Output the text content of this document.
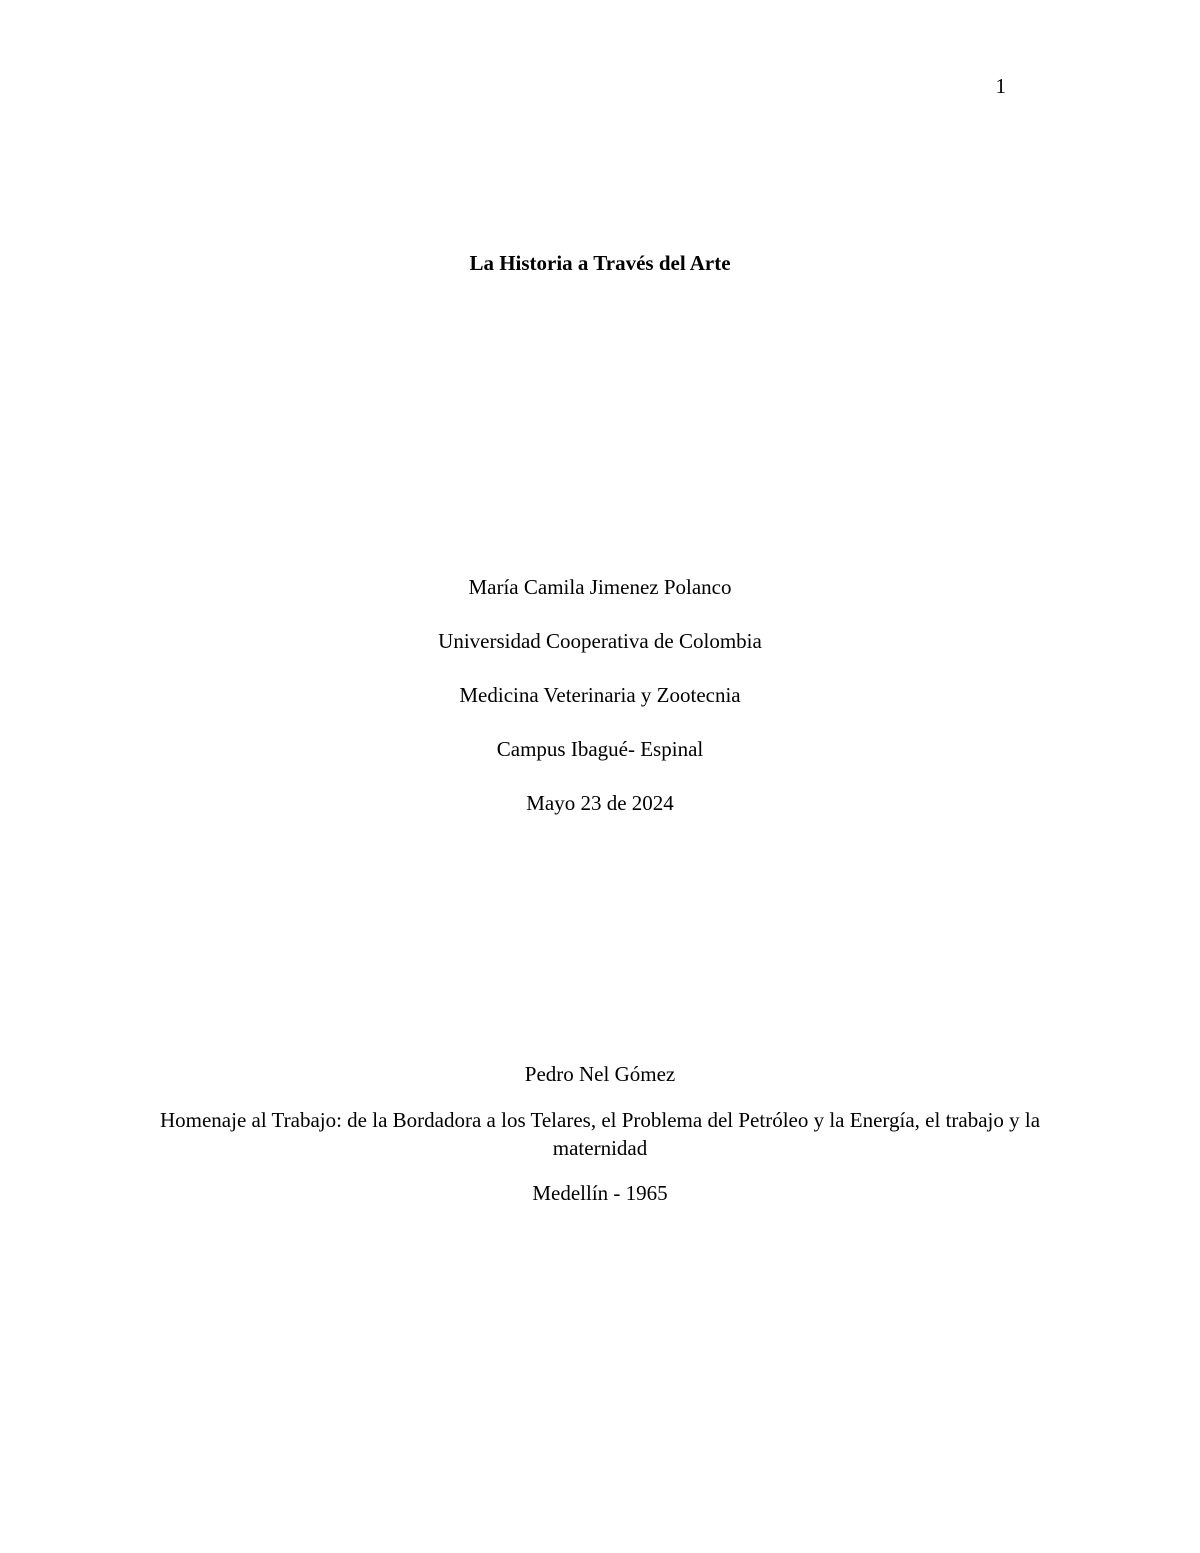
1
La Historia a Través del Arte
María Camila Jimenez Polanco
Universidad Cooperativa de Colombia
Medicina Veterinaria y Zootecnia
Campus Ibagué- Espinal
Mayo 23 de 2024
Pedro Nel Gómez
Homenaje al Trabajo: de la Bordadora a los Telares, el Problema del Petróleo y la Energía, el trabajo y la maternidad
Medellín - 1965
